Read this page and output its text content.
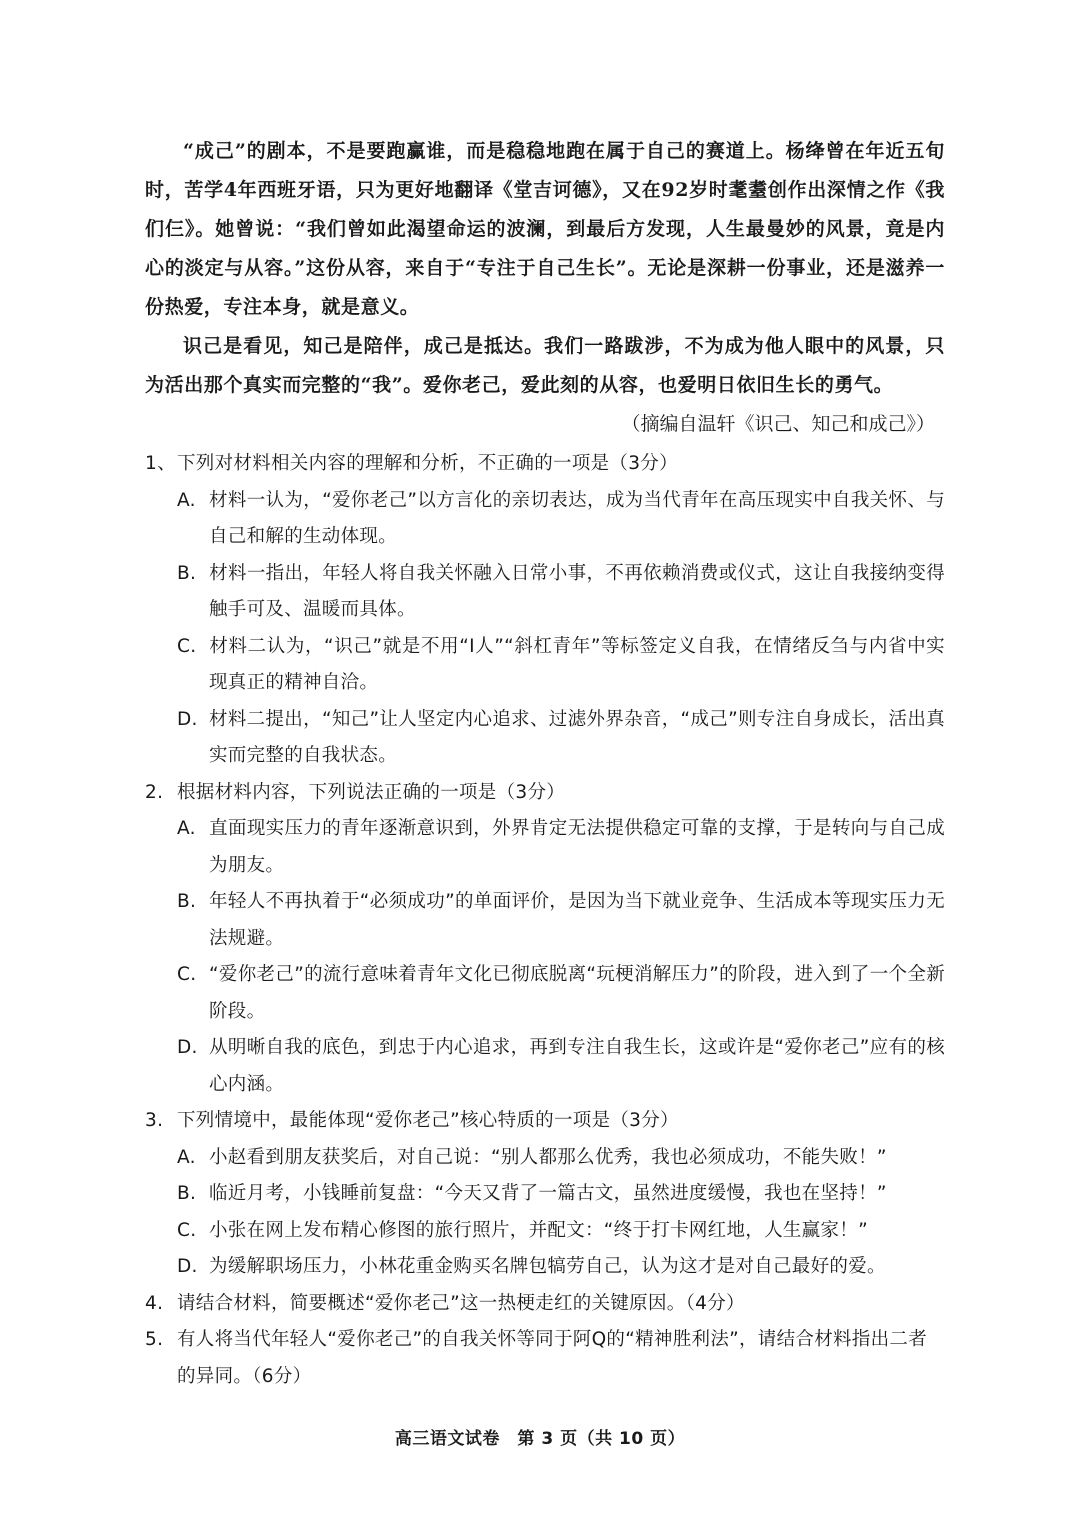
“成己”的剧本，不是要跑赢谁，而是稳稳地跑在属于自己的赛道上。杨绛曾在年近五旬时，苦学4年西班牙语，只为更好地翻译《堂吉诃德》，又在92岁时耄耋创作出深情之作《我们仨》。她曾说：“我们曾如此渴望命运的波澜，到最后方发现，人生最曼妙的风景，竟是内心的淡定与从容。”这份从容，来自于“专注于自己生长”。无论是深耕一份事业，还是滋养一份热爱，专注本身，就是意义。

识己是看见，知己是陪伴，成己是抵达。我们一路跋涉，不为成为他人眼中的风景，只为活出那个真实而完整的“我”。爱你老己，爱此刻的从容，也爱明日依旧生长的勇气。

（摘编自温轩《识己、知己和成己》）
1、下列对材料相关内容的理解和分析，不正确的一项是（3分）
A. 材料一认为，“爱你老己”以方言化的亲切表达，成为当代青年在高压现实中自我关怀、与自己和解的生动体现。
B. 材料一指出，年轻人将自我关怀融入日常小事，不再依赖消费或仪式，这让自我接纳变得触手可及、温暖而具体。
C. 材料二认为，“识己”就是不用“I人”“斜杠青年”等标签定义自我，在情绪反刍与内省中实现真正的精神自洽。
D. 材料二提出，“知己”让人坚定内心追求、过滤外界杂音，“成己”则专注自身成长，活出真实而完整的自我状态。
2. 根据材料内容，下列说法正确的一项是（3分）
A. 直面现实压力的青年逐渐意识到，外界肯定无法提供稳定可靠的支撑，于是转向与自己成为朋友。
B. 年轻人不再执着于“必须成功”的单面评价，是因为当下就业竞争、生活成本等现实压力无法规避。
C. “爱你老己”的流行意味着青年文化已彻底脱离“玩梗消解压力”的阶段，进入到了一个全新阶段。
D. 从明晰自我的底色，到忠于内心追求，再到专注自我生长，这或许是“爱你老己”应有的核心内涵。
3. 下列情境中，最能体现“爱你老己”核心特质的一项是（3分）
A. 小赵看到朋友获奖后，对自己说：“别人都那么优秀，我也必须成功，不能失败！”
B. 临近月考，小钱睡前复盘：“今天又背了一篇古文，虽然进度缓慢，我也在坚持！”
C. 小张在网上发布精心修图的旅行照片，并配文：“终于打卡网红地，人生赢家！”
D. 为缓解职场压力，小林花重金购买名牌包犒劳自己，认为这才是对自己最好的爱。
4. 请结合材料，简要概述“爱你老己”这一热梗走红的关键原因。（4分）
5. 有人将当代年轻人“爱你老己”的自我关怀等同于阿Q的“精神胜利法”，请结合材料指出二者的异同。（6分）
高三语文试卷　第 3 页（共 10 页）
